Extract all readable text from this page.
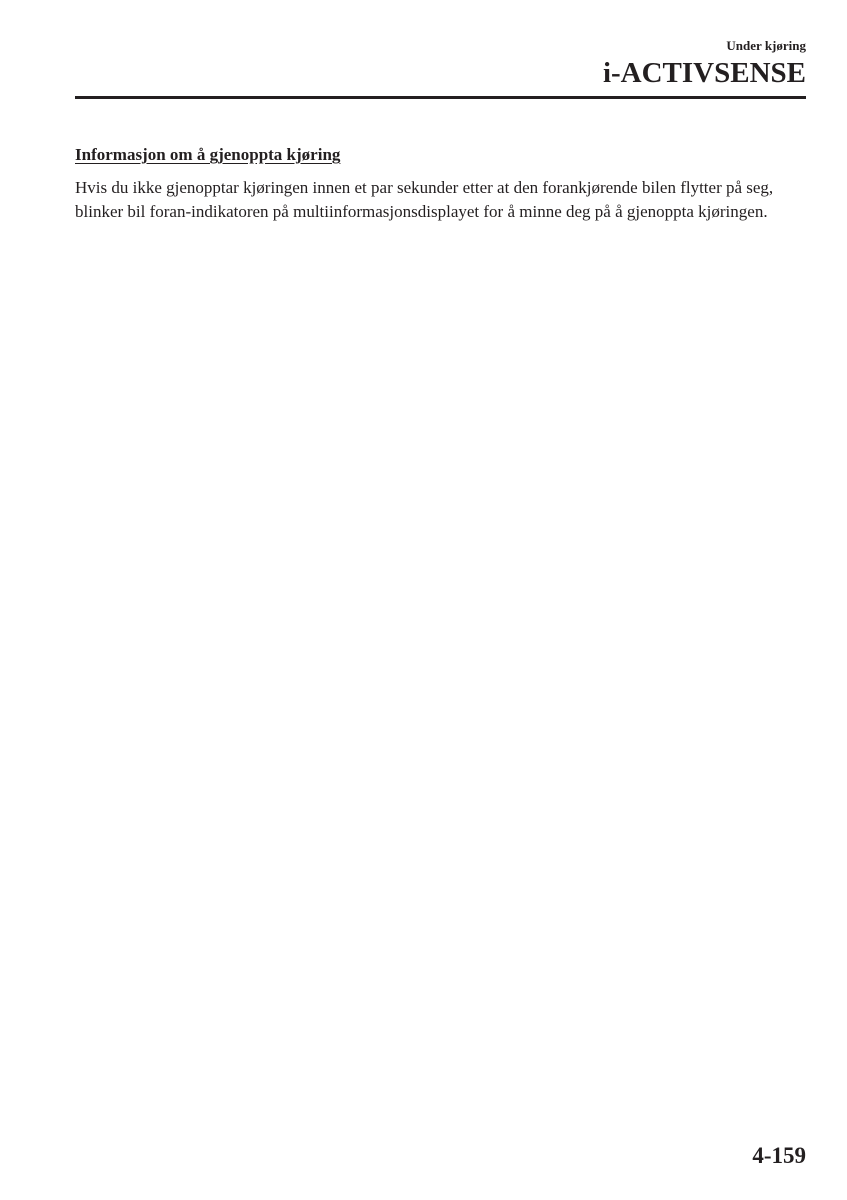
Under kjøring
i-ACTIVSENSE
Informasjon om å gjenoppta kjøring

Hvis du ikke gjenopptar kjøringen innen et par sekunder etter at den forankjørende bilen flytter på seg, blinker bil foran-indikatoren på multiinformasjonsdisplayet for å minne deg på å gjenoppta kjøringen.

4-159
